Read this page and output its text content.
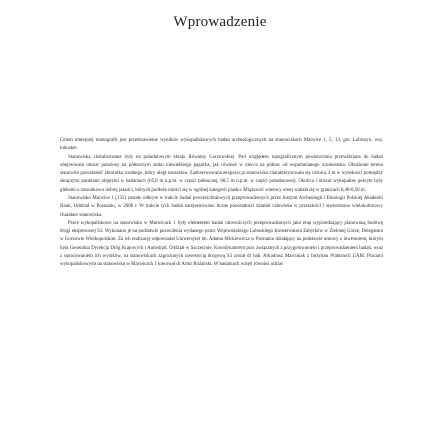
Wprowadzenie

Celem niniejszej monografii jest przedstawienie wyników wykopaliskowych badań archeologicznych na stanowiskach Marwice 1, 5, 13, gm. Lubiszyn, woj. lubuskie.

Stanowiska zlokalizowane były na południowym skraju Równiny Gorzowskiej. Pod względem topograficznym powierzchnia przewidziana do badań obejmowała obszar położony na północnym stoku niewielkiego pagórka, jak również w niecce na północ od wspomnianego wzniesienia. Obniżenie terenu stanowiło pozostałość zbiornika wodnego, który uległ osuszeniu. Zaobserwowana ekspozycja stanowiska charakteryzowała się różnicą 3 m w wysokości pomiędzy skrajnymi punktami objętymi w badaniach (65,8 m n.p.m. w części północnej, 68,5 m n.p.m. w części południowej). Okolica i obszar wykopalisk pokryte były glebami o stosunkowo dobrej jakości, których podłoże mieści się w ogólnej kategorii piasku. Miąższość warstwy ornej wahała się w granicach 0,40-0,50 m.

Stanowisko Marwice 1 (135) zostało odkryte w trakcie badań powierzchniowych przeprowadzonych przez Instytut Archeologii i Etnologii Polskiej Akademii Nauk, Oddział w Poznaniu, w 2006 r. W trakcie tych badań zarejestrowano liczne pozostałości działań człowieka w przeszłości i stwierdzono wielokulturowy charakter stanowiska.

Prace wykopaliskowe na stanowisku w Marwicach 1 były elementem badań ratowniczych przeprowadzonych jako etap wyprzedzający planowaną budowę drogi ekspresowej S3. Wykonano je na podstawie pozwolenia wydanego przez Wojewódzkiego Lubuskiego Konserwatora Zabytków w Zielonej Górze, Delegatura w Gorzowie Wielkopolskim. Za ich realizację odpowiadał Uniwersytet im. Adama Mickiewicza w Poznaniu działający na podstawie umowy z inwestorem, którym była Generalna Dyrekcja Dróg Krajowych i Autostrad, Oddział w Szczecinie. Koordynatorem prac związanych z przygotowaniem i przeprowadzeniem badań, wraz z opracowaniem ich wyników, na stanowiskach zagrożonych inwestycją drogową S3 został dr hab. Arkadiusz Marciniak z Instytutu Prahistorii UAM. Pracami wykopaliskowymi na stanowisku w Marwicach 1 kierował dr Artur Różański. W badaniach wzięli również udział
